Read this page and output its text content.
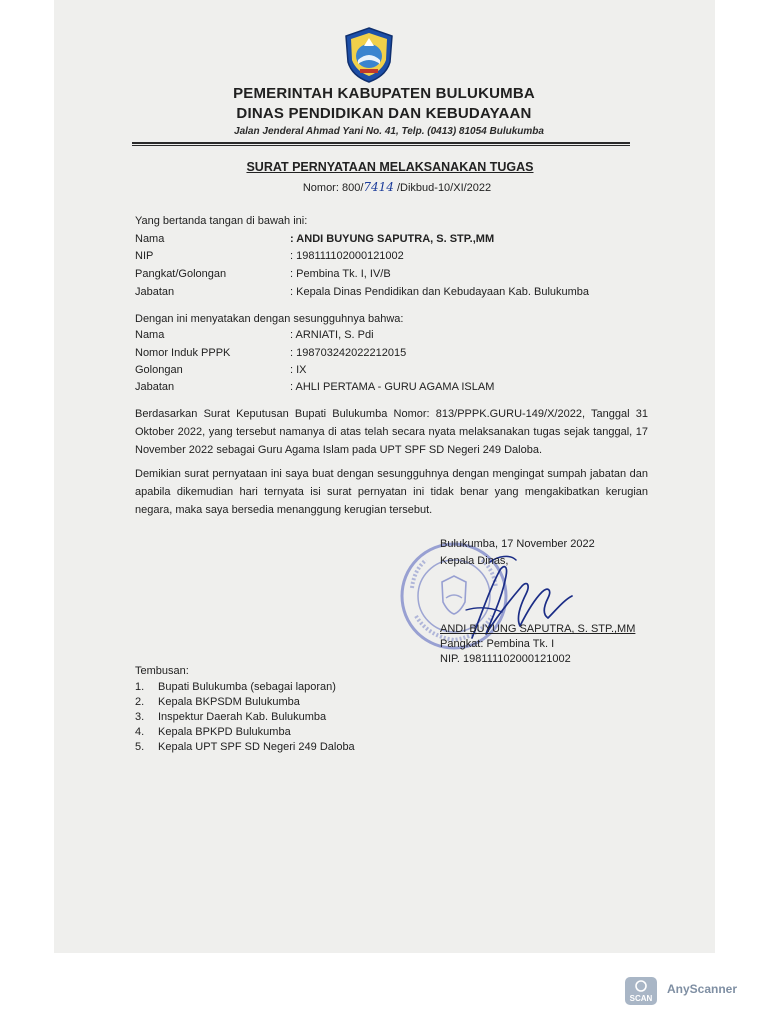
PEMERINTAH KABUPATEN BULUKUMBA
DINAS PENDIDIKAN DAN KEBUDAYAAN
Jalan Jenderal Ahmad Yani No. 41, Telp. (0413) 81054 Bulukumba
SURAT PERNYATAAN MELAKSANAKAN TUGAS
Nomor: 800/7414 /Dikbud-10/XI/2022
Yang bertanda tangan di bawah ini:
Nama	: ANDI BUYUNG SAPUTRA, S. STP.,MM
NIP	: 198111102000121002
Pangkat/Golongan	: Pembina Tk. I, IV/B
Jabatan	: Kepala Dinas Pendidikan dan Kebudayaan Kab. Bulukumba
Dengan ini menyatakan dengan sesungguhnya bahwa:
Nama	: ARNIATI, S. Pdi
Nomor Induk PPPK	: 198703242022212015
Golongan	: IX
Jabatan	: AHLI PERTAMA - GURU AGAMA ISLAM
Berdasarkan Surat Keputusan Bupati Bulukumba Nomor: 813/PPPK.GURU-149/X/2022, Tanggal 31 Oktober 2022, yang tersebut namanya di atas telah secara nyata melaksanakan tugas sejak tanggal, 17 November 2022 sebagai Guru Agama Islam pada UPT SPF SD Negeri 249 Daloba.
Demikian surat pernyataan ini saya buat dengan sesungguhnya dengan mengingat sumpah jabatan dan apabila dikemudian hari ternyata isi surat pernyatan ini tidak benar yang mengakibatkan kerugian negara, maka saya bersedia menanggung kerugian tersebut.
Bulukumba, 17 November 2022
Kepala Dinas,
ANDI BUYUNG SAPUTRA, S. STP.,MM
Pangkat: Pembina Tk. I
NIP. 198111102000121002
Tembusan:
1. Bupati Bulukumba (sebagai laporan)
2. Kepala BKPSDM Bulukumba
3. Inspektur Daerah Kab. Bulukumba
4. Kepala BPKPD Bulukumba
5. Kepala UPT SPF SD Negeri 249 Daloba
SCAN
AnyScanner
